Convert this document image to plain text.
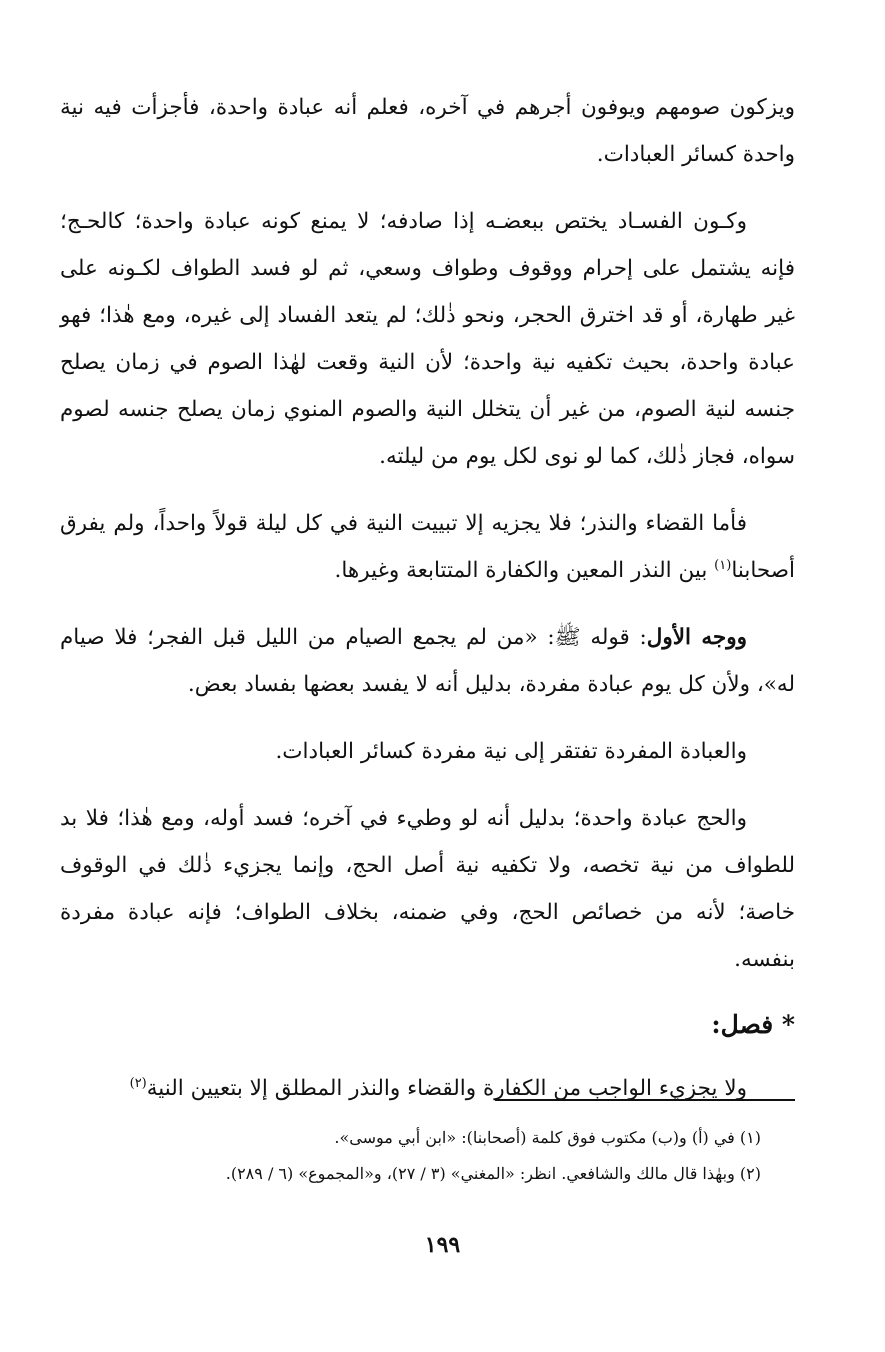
ويزكون صومهم ويوفون أجرهم في آخره، فعلم أنه عبادة واحدة، فأجزأت فيه نية واحدة كسائر العبادات.

وكـون الفسـاد يختص ببعضـه إذا صادفه؛ لا يمنع كونه عبادة واحدة؛ كالحـج؛ فإنه يشتمل على إحرام ووقوف وطواف وسعي، ثم لو فسد الطواف لكـونه على غير طهارة، أو قد اخترق الحجر، ونحو ذٰلك؛ لم يتعد الفساد إلى غيره، ومع هٰذا؛ فهو عبادة واحدة، بحيث تكفيه نية واحدة؛ لأن النية وقعت لهٰذا الصوم في زمان يصلح جنسه لنية الصوم، من غير أن يتخلل النية والصوم المنوي زمان يصلح جنسه لصوم سواه، فجاز ذٰلك، كما لو نوى لكل يوم من ليلته.

فأما القضاء والنذر؛ فلا يجزيه إلا تبييت النية في كل ليلة قولاً واحداً، ولم يفرق أصحابنا$^{(١)}$ بين النذر المعين والكفارة المتتابعة وغيرها.

ووجه الأول: قوله ﷺ: «من لم يجمع الصيام من الليل قبل الفجر؛ فلا صيام له»، ولأن كل يوم عبادة مفردة، بدليل أنه لا يفسد بعضها بفساد بعض.

والعبادة المفردة تفتقر إلى نية مفردة كسائر العبادات.

والحج عبادة واحدة؛ بدليل أنه لو وطيء في آخره؛ فسد أوله، ومع هٰذا؛ فلا بد للطواف من نية تخصه، ولا تكفيه نية أصل الحج، وإنما يجزيء ذٰلك في الوقوف خاصة؛ لأنه من خصائص الحج، وفي ضمنه، بخلاف الطواف؛ فإنه عبادة مفردة بنفسه.

* فصل:

ولا يجزيء الواجب من الكفارة والقضاء والنذر المطلق إلا بتعيين النية$^{(٢)}$

(١) في (أ) و(ب) مكتوب فوق كلمة (أصحابنا): «ابن أبي موسى».

(٢) وبهٰذا قال مالك والشافعي. انظر: «المغني» (٣ / ٢٧)، و«المجموع» (٦ / ٢٨٩).

١٩٩
